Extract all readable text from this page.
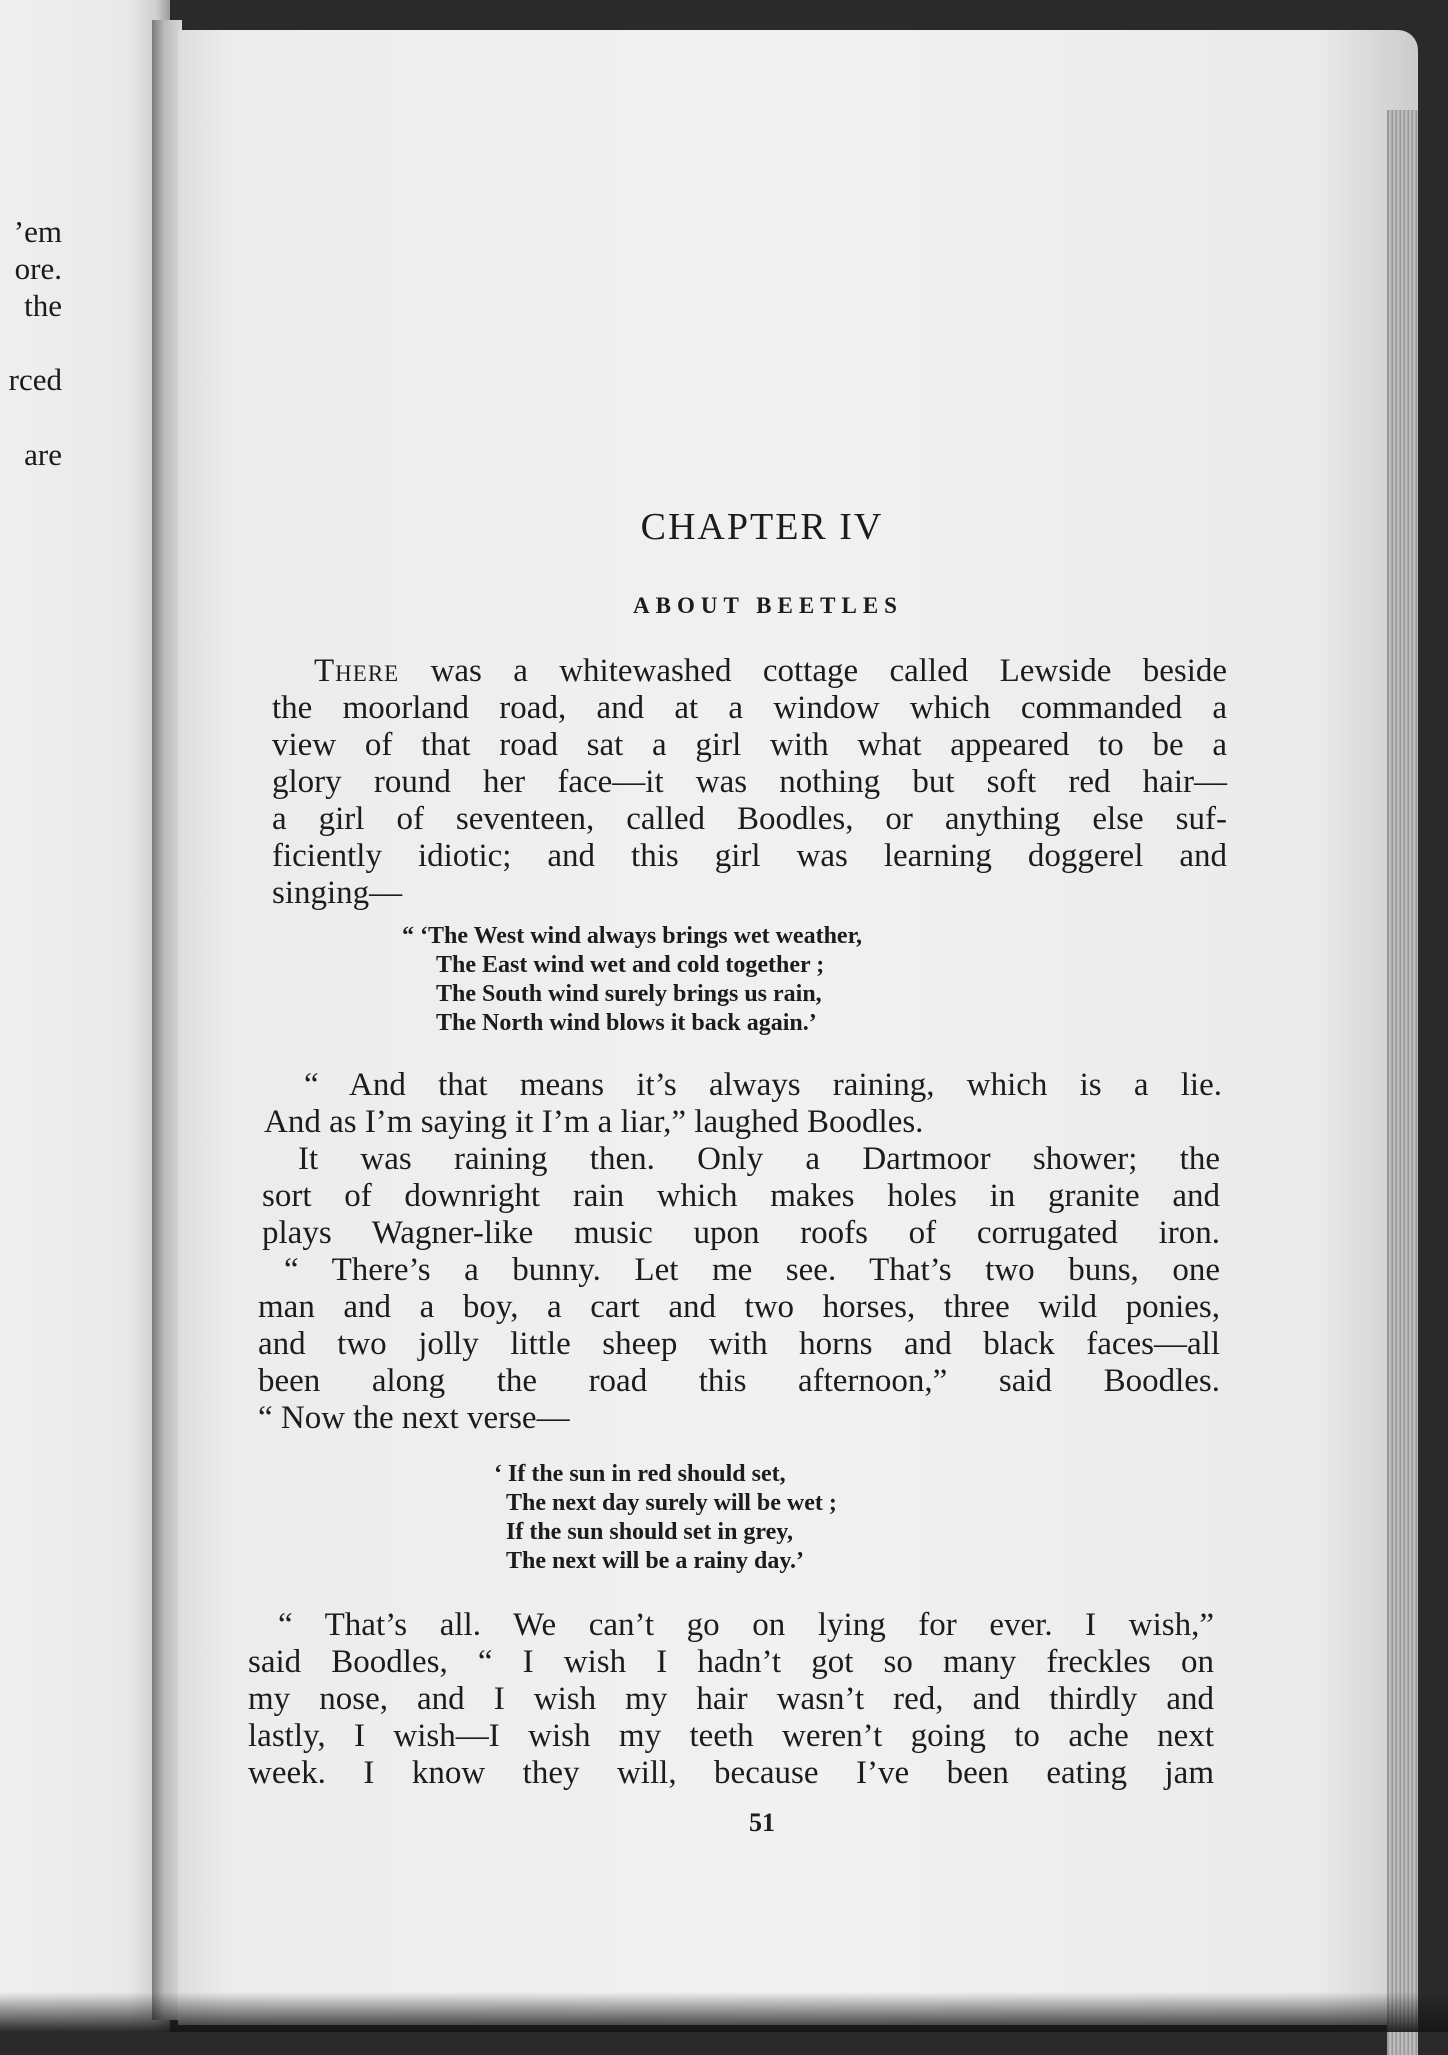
’em
ore.
the
rced
are
CHAPTER IV
ABOUT BEETLES
There was a whitewashed cottage called Lewside beside
the moorland road, and at a window which commanded a
view of that road sat a girl with what appeared to be a
glory round her face—it was nothing but soft red hair—
a girl of seventeen, called Boodles, or anything else suf-
ficiently idiotic; and this girl was learning doggerel and
singing—
“ ‘The West wind always brings wet weather,
The East wind wet and cold together ;
The South wind surely brings us rain,
The North wind blows it back again.’
“ And that means it’s always raining, which is a lie.
And as I’m saying it I’m a liar,” laughed Boodles.
It was raining then. Only a Dartmoor shower; the
sort of downright rain which makes holes in granite and
plays Wagner-like music upon roofs of corrugated iron.
“ There’s a bunny. Let me see. That’s two buns, one
man and a boy, a cart and two horses, three wild ponies,
and two jolly little sheep with horns and black faces—all
been along the road this afternoon,” said Boodles.
“ Now the next verse—
‘ If the sun in red should set,
The next day surely will be wet ;
If the sun should set in grey,
The next will be a rainy day.’
“ That’s all. We can’t go on lying for ever. I wish,”
said Boodles, “ I wish I hadn’t got so many freckles on
my nose, and I wish my hair wasn’t red, and thirdly and
lastly, I wish—I wish my teeth weren’t going to ache next
week. I know they will, because I’ve been eating jam
51
